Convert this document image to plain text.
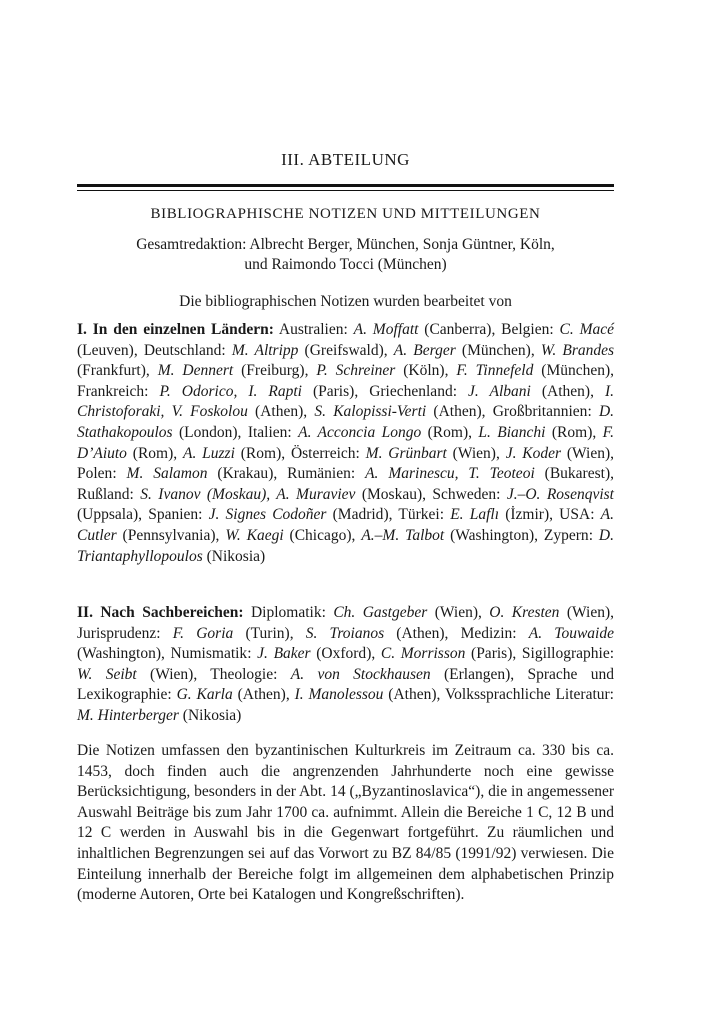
III. ABTEILUNG
BIBLIOGRAPHISCHE NOTIZEN UND MITTEILUNGEN
Gesamtredaktion: Albrecht Berger, München, Sonja Güntner, Köln,
und Raimondo Tocci (München)
Die bibliographischen Notizen wurden bearbeitet von
I. In den einzelnen Ländern: Australien: A. Moffatt (Canberra), Belgien: C. Macé (Leuven), Deutschland: M. Altripp (Greifswald), A. Berger (München), W. Brandes (Frankfurt), M. Dennert (Freiburg), P. Schreiner (Köln), F. Tinnefeld (München), Frankreich: P. Odorico, I. Rapti (Paris), Griechenland: J. Albani (Athen), I. Christoforaki, V. Foskolou (Athen), S. Kalopissi-Verti (Athen), Großbritannien: D. Stathakopoulos (London), Italien: A. Acconcia Longo (Rom), L. Bianchi (Rom), F. D’Aiuto (Rom), A. Luzzi (Rom), Österreich: M. Grünbart (Wien), J. Koder (Wien), Polen: M. Salamon (Krakau), Rumänien: A. Marinescu, T. Teoteoi (Bukarest), Rußland: S. Ivanov (Moskau), A. Muraviev (Moskau), Schweden: J.–O. Rosenqvist (Uppsala), Spanien: J. Signes Codoñer (Madrid), Türkei: E. Laflı (İzmir), USA: A. Cutler (Pennsylvania), W. Kaegi (Chicago), A.–M. Talbot (Washington), Zypern: D. Triantaphyllopoulos (Nikosia)
II. Nach Sachbereichen: Diplomatik: Ch. Gastgeber (Wien), O. Kresten (Wien), Jurisprudenz: F. Goria (Turin), S. Troianos (Athen), Medizin: A. Touwaide (Washington), Numismatik: J. Baker (Oxford), C. Morrisson (Paris), Sigillographie: W. Seibt (Wien), Theologie: A. von Stockhausen (Erlangen), Sprache und Lexikographie: G. Karla (Athen), I. Manolessou (Athen), Volkssprachliche Literatur: M. Hinterberger (Nikosia)
Die Notizen umfassen den byzantinischen Kulturkreis im Zeitraum ca. 330 bis ca. 1453, doch finden auch die angrenzenden Jahrhunderte noch eine gewisse Berücksichtigung, besonders in der Abt. 14 („Byzantinoslavica“), die in angemessener Auswahl Beiträge bis zum Jahr 1700 ca. aufnimmt. Allein die Bereiche 1 C, 12 B und 12 C werden in Auswahl bis in die Gegenwart fortgeführt. Zu räumlichen und inhaltlichen Begrenzungen sei auf das Vorwort zu BZ 84/85 (1991/92) verwiesen. Die Einteilung innerhalb der Bereiche folgt im allgemeinen dem alphabetischen Prinzip (moderne Autoren, Orte bei Katalogen und Kongreßschriften).
